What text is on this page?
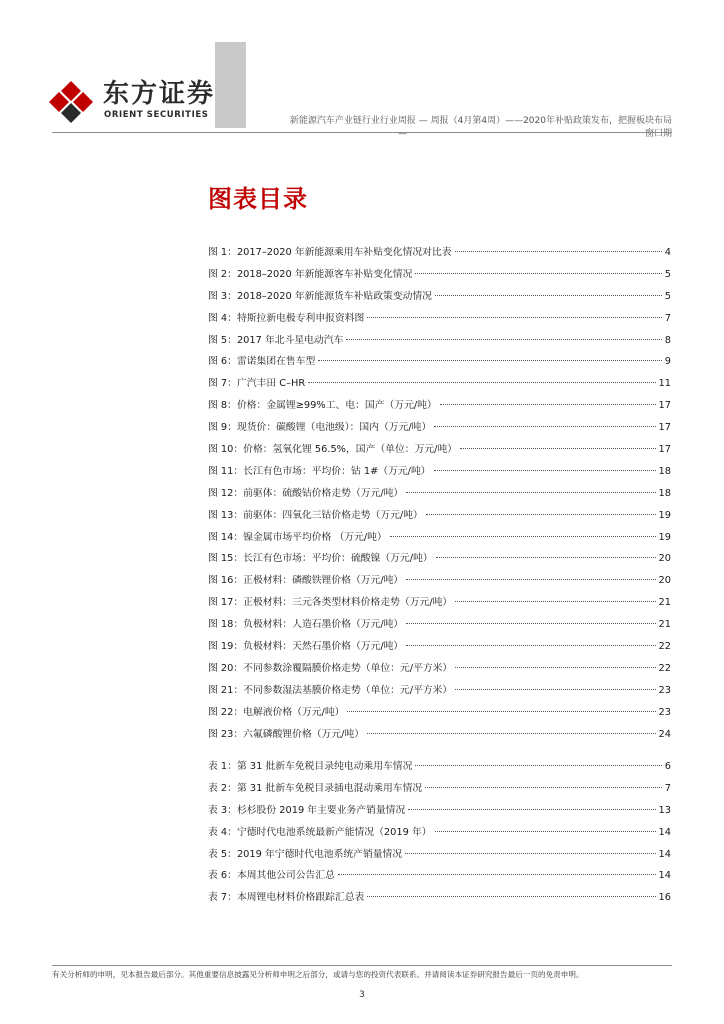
东方证券
ORIENT SECURITIES
新能源汽车产业链行业行业周报 — 周报（4月第4周）——2020年补贴政策发布，把握板块布局
窗口期
—
图表目录
图 1：2017–2020 年新能源乘用车补贴变化情况对比表	4
图 2：2018–2020 年新能源客车补贴变化情况	5
图 3：2018–2020 年新能源货车补贴政策变动情况	5
图 4：特斯拉新电极专利申报资料图	7
图 5：2017 年北斗星电动汽车	8
图 6：雷诺集团在售车型	9
图 7：广汽丰田 C–HR	11
图 8：价格：金属锂≥99%工、电：国产（万元/吨）	17
图 9：现货价：碳酸锂（电池级）：国内（万元/吨）	17
图 10：价格：氢氧化锂 56.5%，国产（单位：万元/吨）	17
图 11：长江有色市场：平均价：钴 1#（万元/吨）	18
图 12：前驱体：硫酸钴价格走势（万元/吨）	18
图 13：前驱体：四氧化三钴价格走势（万元/吨）	19
图 14：镍金属市场平均价格 （万元/吨）	19
图 15：长江有色市场：平均价：硫酸镍（万元/吨）	20
图 16：正极材料：磷酸铁锂价格（万元/吨）	20
图 17：正极材料：三元各类型材料价格走势（万元/吨）	21
图 18：负极材料：人造石墨价格（万元/吨）	21
图 19：负极材料：天然石墨价格（万元/吨）	22
图 20：不同参数涂覆隔膜价格走势（单位：元/平方米）	22
图 21：不同参数湿法基膜价格走势（单位：元/平方米）	23
图 22：电解液价格（万元/吨）	23
图 23：六氟磷酸锂价格（万元/吨）	24
表 1：第 31 批新车免税目录纯电动乘用车情况	6
表 2：第 31 批新车免税目录插电混动乘用车情况	7
表 3：杉杉股份 2019 年主要业务产销量情况	13
表 4：宁德时代电池系统最新产能情况（2019 年）	14
表 5：2019 年宁德时代电池系统产销量情况	14
表 6：本周其他公司公告汇总	14
表 7：本周锂电材料价格跟踪汇总表	16
有关分析师的申明，见本报告最后部分。其他重要信息披露见分析师申明之后部分，或请与您的投资代表联系。并请阅读本证券研究报告最后一页的免责申明。
3
